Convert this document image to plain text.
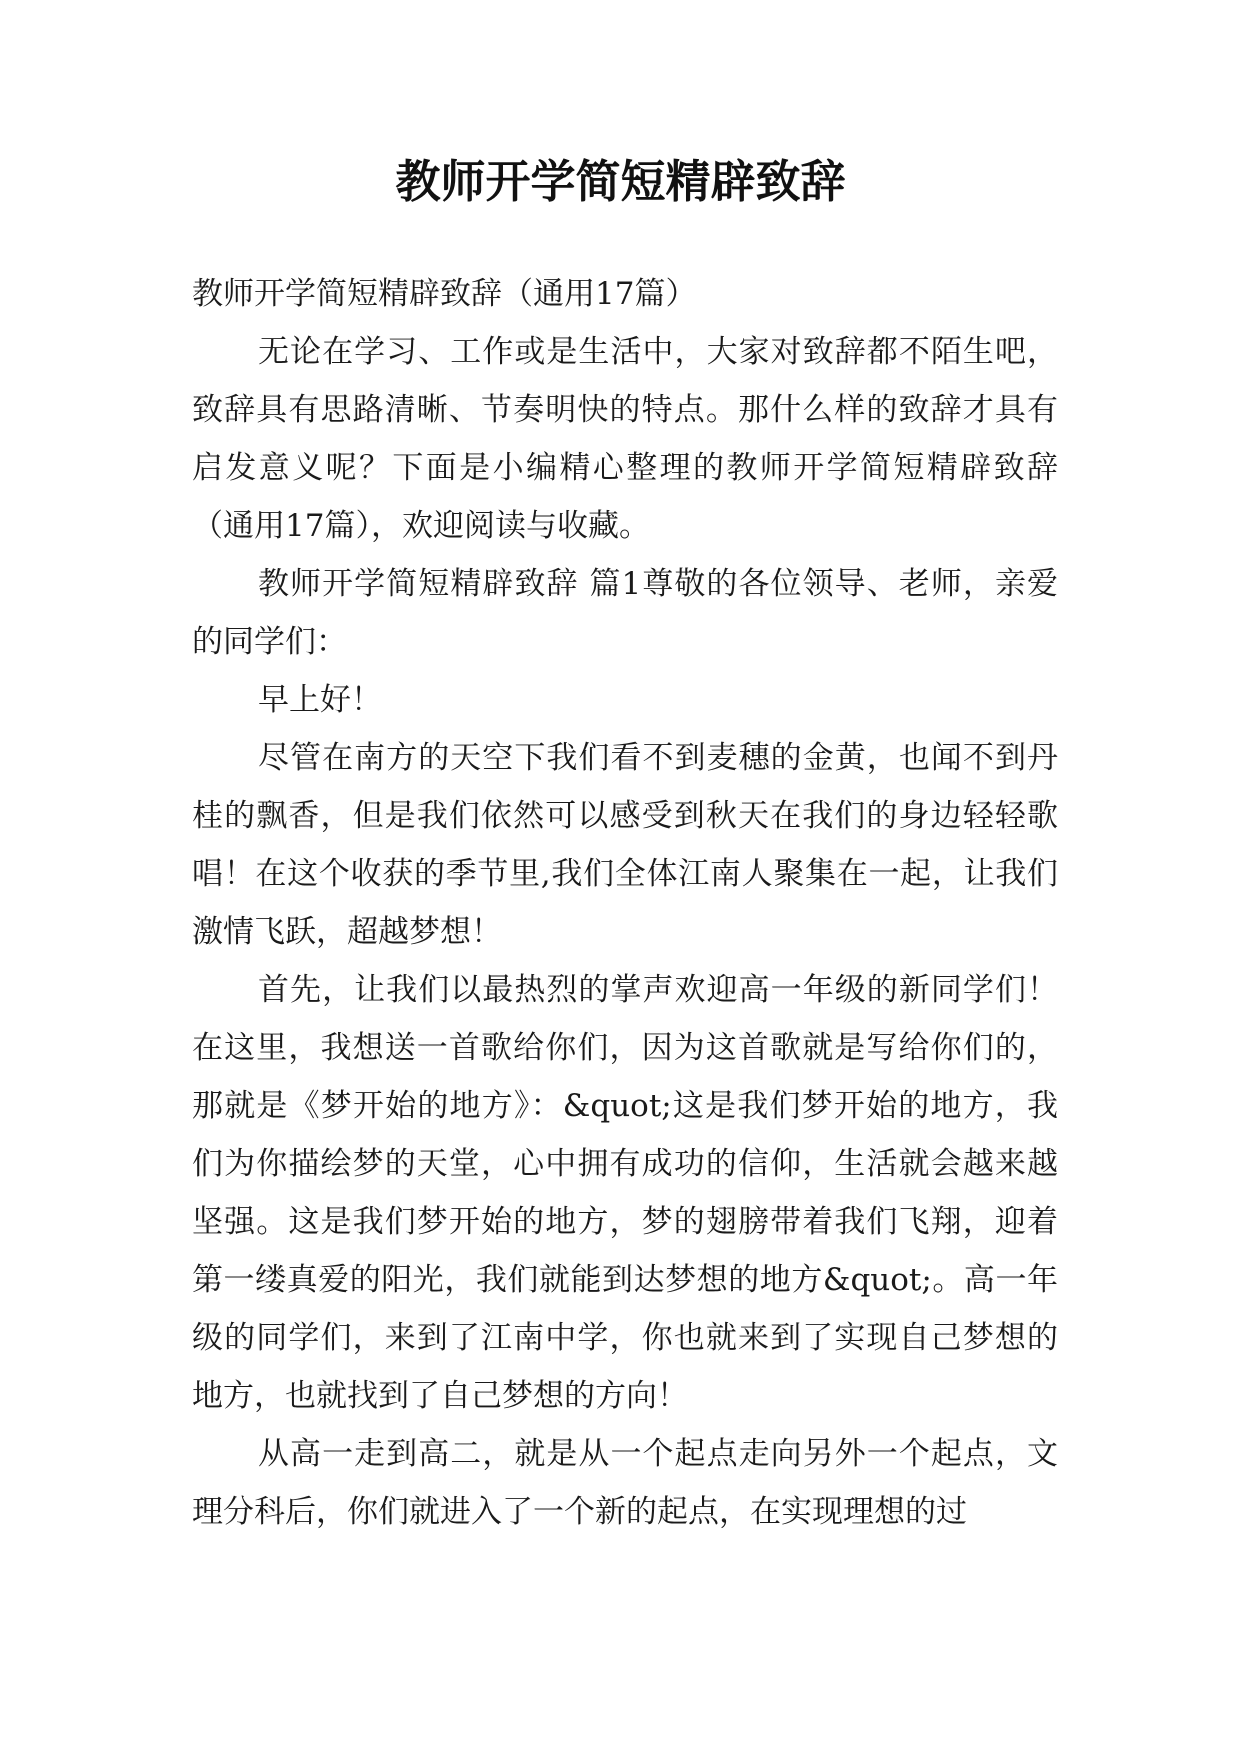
教师开学简短精辟致辞

教师开学简短精辟致辞（通用17篇）

无论在学习、工作或是生活中，大家对致辞都不陌生吧，致辞具有思路清晰、节奏明快的特点。那什么样的致辞才具有启发意义呢？下面是小编精心整理的教师开学简短精辟致辞（通用17篇），欢迎阅读与收藏。

教师开学简短精辟致辞 篇1尊敬的各位领导、老师，亲爱的同学们：

早上好！

尽管在南方的天空下我们看不到麦穗的金黄，也闻不到丹桂的飘香，但是我们依然可以感受到秋天在我们的身边轻轻歌唱！在这个收获的季节里,我们全体江南人聚集在一起，让我们激情飞跃，超越梦想！

首先，让我们以最热烈的掌声欢迎高一年级的新同学们！在这里，我想送一首歌给你们，因为这首歌就是写给你们的，那就是《梦开始的地方》：&quot;这是我们梦开始的地方，我们为你描绘梦的天堂，心中拥有成功的信仰，生活就会越来越坚强。这是我们梦开始的地方，梦的翅膀带着我们飞翔，迎着第一缕真爱的阳光，我们就能到达梦想的地方&quot;。高一年级的同学们，来到了江南中学，你也就来到了实现自己梦想的地方，也就找到了自己梦想的方向！

从高一走到高二，就是从一个起点走向另外一个起点，文理分科后，你们就进入了一个新的起点，在实现理想的过
